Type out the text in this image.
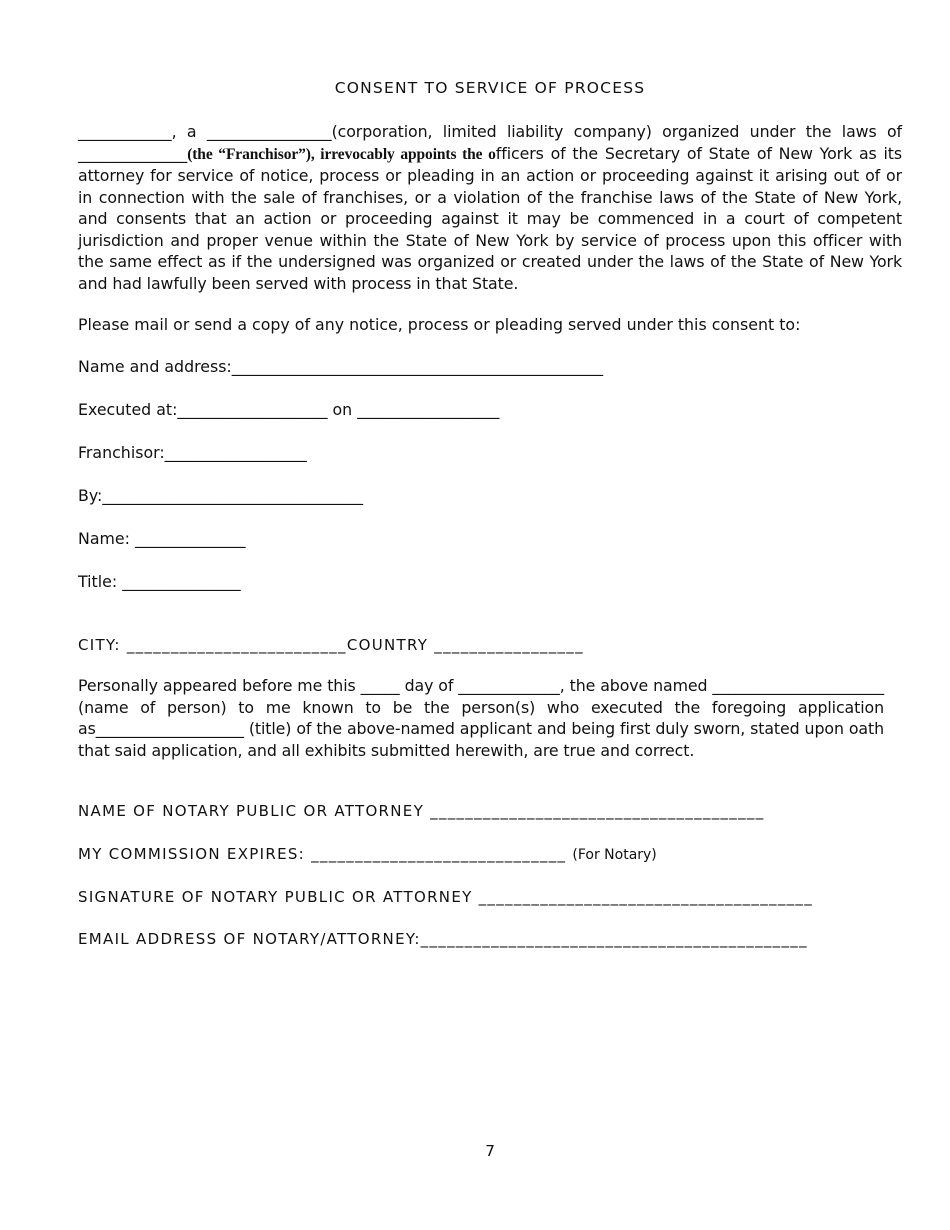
CONSENT TO SERVICE OF PROCESS

____________, a ________________(corporation, limited liability company) organized under the laws of ______________(the “Franchisor”), irrevocably appoints the officers of the Secretary of State of New York as its attorney for service of notice, process or pleading in an action or proceeding against it arising out of or in connection with the sale of franchises, or a violation of the franchise laws of the State of New York, and consents that an action or proceeding against it may be commenced in a court of competent jurisdiction and proper venue within the State of New York by service of process upon this officer with the same effect as if the undersigned was organized or created under the laws of the State of New York and had lawfully been served with process in that State.

Please mail or send a copy of any notice, process or pleading served under this consent to:

Name and address:_______________________________________________

Executed at:___________________ on __________________

Franchisor:__________________

By:_________________________________

Name: ______________

Title: _______________

CITY: _________________________COUNTRY _________________

Personally appeared before me this _____ day of _____________, the above named ______________________ (name of person) to me known to be the person(s) who executed the foregoing application as___________________ (title) of the above-named applicant and being first duly sworn, stated upon oath that said application, and all exhibits submitted herewith, are true and correct.

NAME OF NOTARY PUBLIC OR ATTORNEY ______________________________________

MY COMMISSION EXPIRES: _____________________________ (For Notary)

SIGNATURE OF NOTARY PUBLIC OR ATTORNEY ______________________________________

EMAIL ADDRESS OF NOTARY/ATTORNEY:____________________________________________

7
